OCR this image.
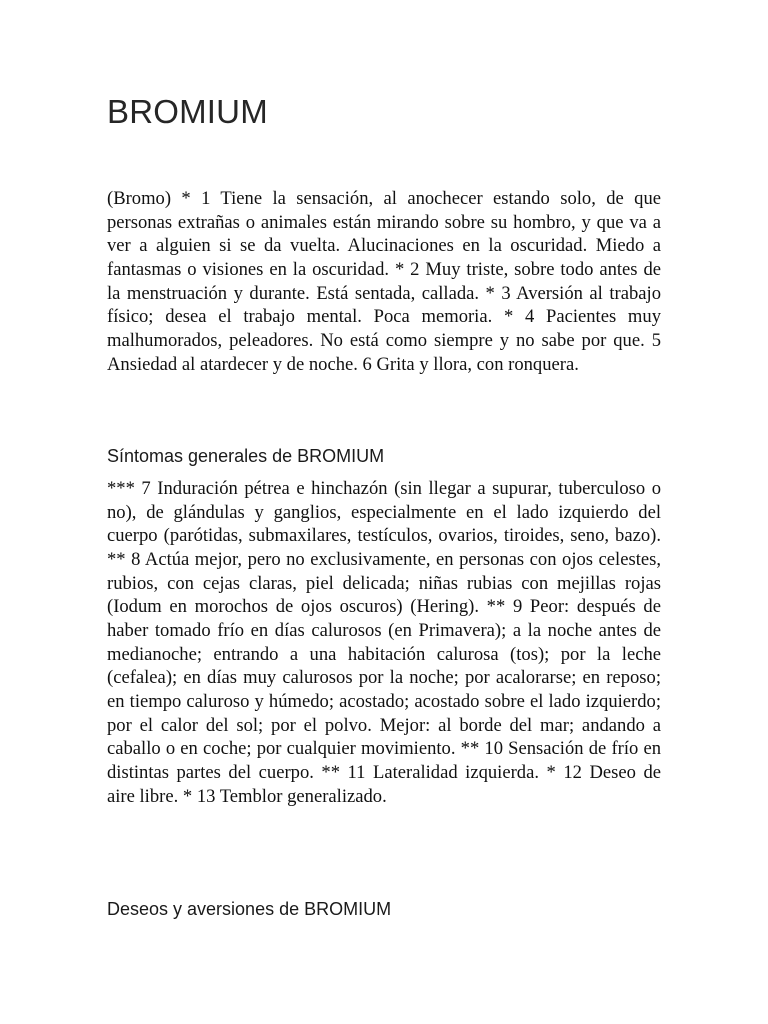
BROMIUM

(Bromo) * 1 Tiene la sensación, al anochecer estando solo, de que personas extrañas o animales están mirando sobre su hombro, y que va a ver a alguien si se da vuelta. Alucinaciones en la oscuridad. Miedo a fantasmas o visiones en la oscuridad. * 2 Muy triste, sobre todo antes de la menstruación y durante. Está sentada, callada. * 3 Aversión al trabajo físico; desea el trabajo mental. Poca memoria. * 4 Pacientes muy malhumorados, peleadores. No está como siempre y no sabe por que. 5 Ansiedad al atardecer y de noche. 6 Grita y llora, con ronquera.

Síntomas generales de BROMIUM

*** 7 Induración pétrea e hinchazón (sin llegar a supurar, tuberculoso o no), de glándulas y ganglios, especialmente en el lado izquierdo del cuerpo (parótidas, submaxilares, testículos, ovarios, tiroides, seno, bazo). ** 8 Actúa mejor, pero no exclusivamente, en personas con ojos celestes, rubios, con cejas claras, piel delicada; niñas rubias con mejillas rojas (Iodum en morochos de ojos oscuros) (Hering). ** 9 Peor: después de haber tomado frío en días calurosos (en Primavera); a la noche antes de medianoche; entrando a una habitación calurosa (tos); por la leche (cefalea); en días muy calurosos por la noche; por acalorarse; en reposo; en tiempo caluroso y húmedo; acostado; acostado sobre el lado izquierdo; por el calor del sol; por el polvo. Mejor: al borde del mar; andando a caballo o en coche; por cualquier movimiento. ** 10 Sensación de frío en distintas partes del cuerpo. ** 11 Lateralidad izquierda. * 12 Deseo de aire libre. * 13 Temblor generalizado.

Deseos y aversiones de BROMIUM
